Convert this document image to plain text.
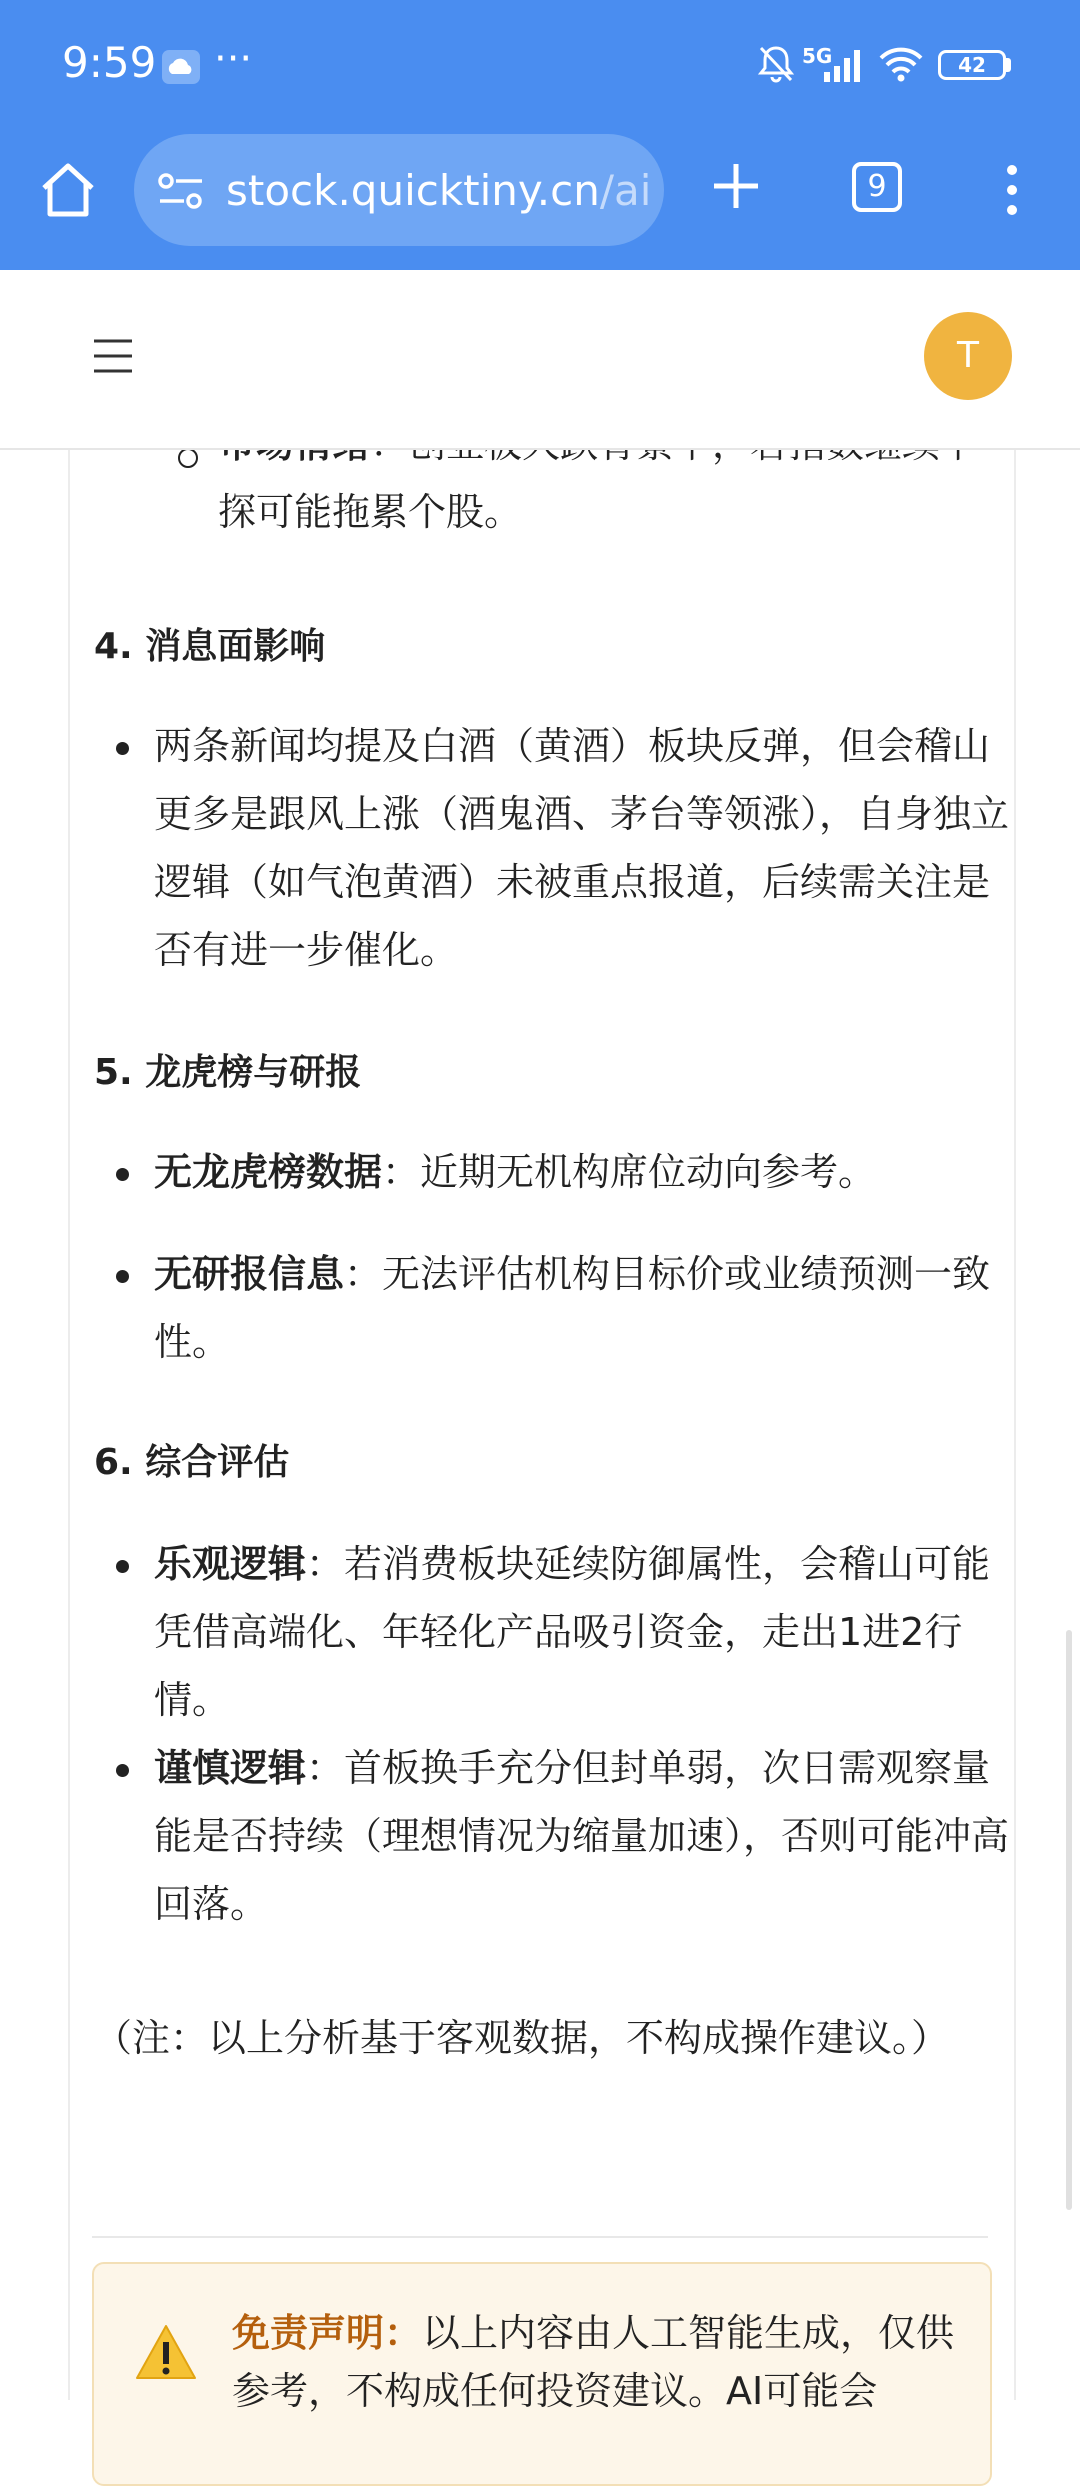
9:59 ···	5G	42
stock.quicktiny.cn/ai	9
T

探可能拖累个股。

4. 消息面影响

两条新闻均提及白酒（黄酒）板块反弹，但会稽山更多是跟风上涨（酒鬼酒、茅台等领涨），自身独立逻辑（如气泡黄酒）未被重点报道，后续需关注是否有进一步催化。

5. 龙虎榜与研报

无龙虎榜数据：近期无机构席位动向参考。

无研报信息：无法评估机构目标价或业绩预测一致性。

6. 综合评估

乐观逻辑：若消费板块延续防御属性，会稽山可能凭借高端化、年轻化产品吸引资金，走出1进2行情。

谨慎逻辑：首板换手充分但封单弱，次日需观察量能是否持续（理想情况为缩量加速），否则可能冲高回落。

（注：以上分析基于客观数据，不构成操作建议。）

免责声明：以上内容由人工智能生成，仅供参考，不构成任何投资建议。AI可能会
